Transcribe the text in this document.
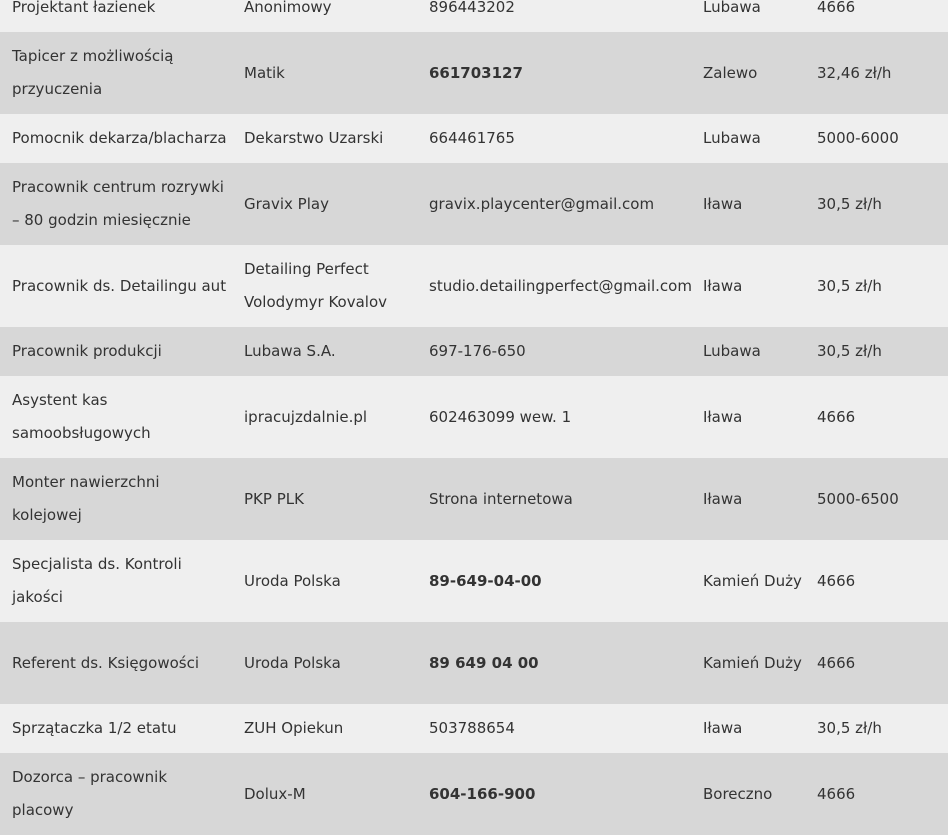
Projektant łazienek	Anonimowy	896443202	Lubawa	4666
Tapicer z możliwością przyuczenia	Matik	661703127	Zalewo	32,46 zł/h
Pomocnik dekarza/blacharza	Dekarstwo Uzarski	664461765	Lubawa	5000-6000
Pracownik centrum rozrywki – 80 godzin miesięcznie	Gravix Play	gravix.playcenter@gmail.com	Iława	30,5 zł/h
Pracownik ds. Detailingu aut	Detailing Perfect Volodymyr Kovalov	studio.detailingperfect@gmail.com	Iława	30,5 zł/h
Pracownik produkcji	Lubawa S.A.	697-176-650	Lubawa	30,5 zł/h
Asystent kas samoobsługowych	ipracujzdalnie.pl	602463099 wew. 1	Iława	4666
Monter nawierzchni kolejowej	PKP PLK	Strona internetowa	Iława	5000-6500
Specjalista ds. Kontroli jakości	Uroda Polska	89-649-04-00	Kamień Duży	4666
Referent ds. Księgowości	Uroda Polska	89 649 04 00	Kamień Duży	4666
Sprzątaczka 1/2 etatu	ZUH Opiekun	503788654	Iława	30,5 zł/h
Dozorca – pracownik placowy	Dolux-M	604-166-900	Boreczno	4666
